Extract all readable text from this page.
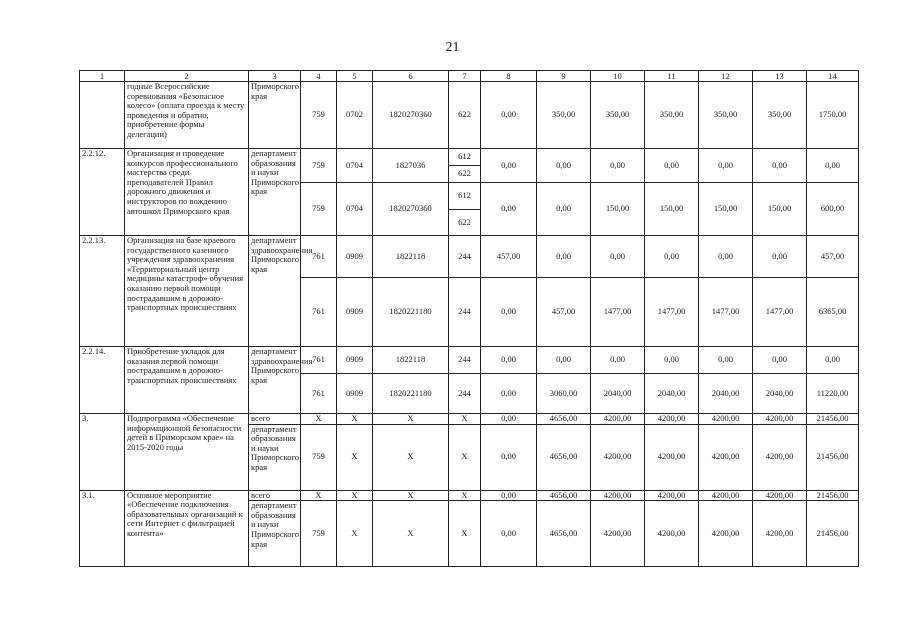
21
1	2	3	4	5	6	7	8	9	10	11	12	13	14
	годные Всероссийские соревнования «Безопасное колесо» (оплата проезда к месту проведения и обратно, приобретение формы делегации)	Приморского края	759	0702	1820270360	622	0,00	350,00	350,00	350,00	350,00	350,00	1750,00
2.2.12.	Организация и проведение конкурсов профессионального мастерства среди преподавателей Правил дорожного движения и инструкторов по вождению автошкол Приморского края	департамент образования и науки Приморского края	759	0704	1827036	612	0,00	0,00	0,00	0,00	0,00	0,00	0,00
						622							
			759	0704	1820270360	612	0,00	0,00	150,00	150,00	150,00	150,00	600,00
						622							
2.2.13.	Организация на базе краевого государственного казенного учреждения здравоохранения «Территориальный центр медицины катастроф» обучения оказанию первой помощи пострадавшим в дорожно-транспортных происшествиях	департамент здравоохранения Приморского края	761	0909	1822118	244	457,00	0,00	0,00	0,00	0,00	0,00	457,00
			761	0909	1820221180	244	0,00	457,00	1477,00	1477,00	1477,00	1477,00	6365,00
2.2.14.	Приобретение укладок для оказания первой помощи пострадавшим в дорожно-транспортных происшествиях	департамент здравоохранения Приморского края	761	0909	1822118	244	0,00	0,00	0,00	0,00	0,00	0,00	0,00
			761	0909	1820221180	244	0,00	3060,00	2040,00	2040,00	2040,00	2040,00	11220,00
3.	Подпрограмма «Обеспечение информационной безопасности детей в Приморском крае» на 2015-2020 годы	всего	X	X	X	X	0,00	4656,00	4200,00	4200,00	4200,00	4200,00	21456,00
		департамент образования и науки Приморского края	759	X	X	X	0,00	4656,00	4200,00	4200,00	4200,00	4200,00	21456,00
3.1.	Основное мероприятие «Обеспечение подключения образовательных организаций к сети Интернет с фильтрацией контента»	всего	X	X	X	X	0,00	4656,00	4200,00	4200,00	4200,00	4200,00	21456,00
		департамент образования и науки Приморского края	759	X	X	X	0,00	4656,00	4200,00	4200,00	4200,00	4200,00	21456,00
